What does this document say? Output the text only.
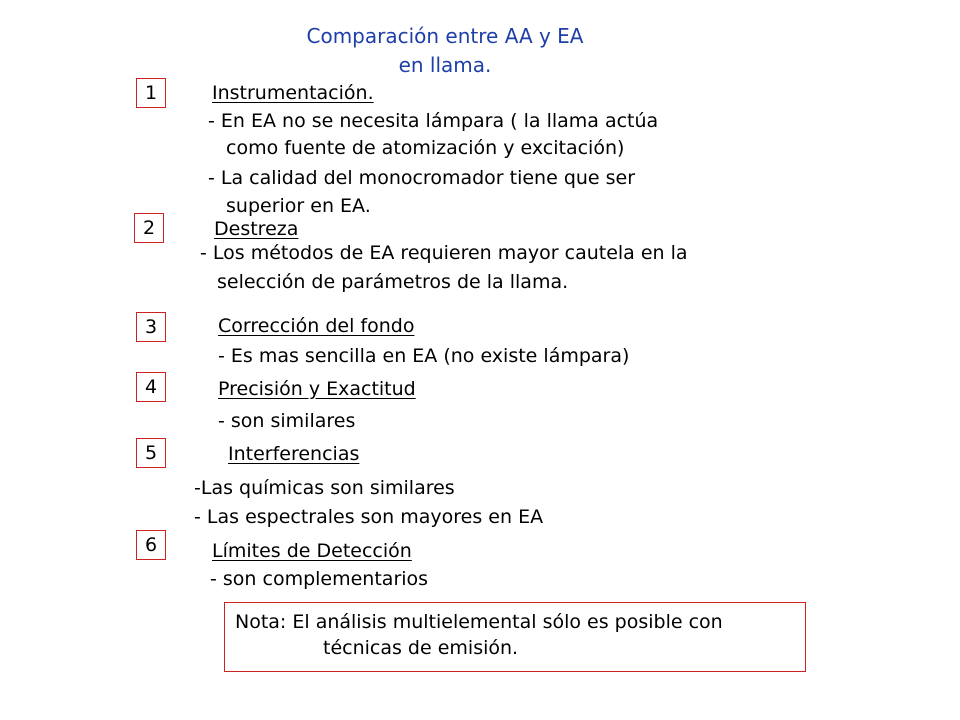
Comparación entre AA y EA
en llama.
1	Instrumentación.
- En EA no se necesita lámpara ( la llama actúa
como fuente de atomización y excitación)
- La calidad del monocromador tiene que ser
superior en EA.
2	Destreza
- Los métodos de EA requieren mayor cautela en la
selección de parámetros de la llama.
3	Corrección del fondo
- Es mas sencilla en EA (no existe lámpara)
4	Precisión y Exactitud
- son similares
5	Interferencias
-Las químicas son similares
- Las espectrales son mayores en EA
6	Límites de Detección
- son complementarios
Nota: El análisis multielemental sólo es posible con
técnicas de emisión.
